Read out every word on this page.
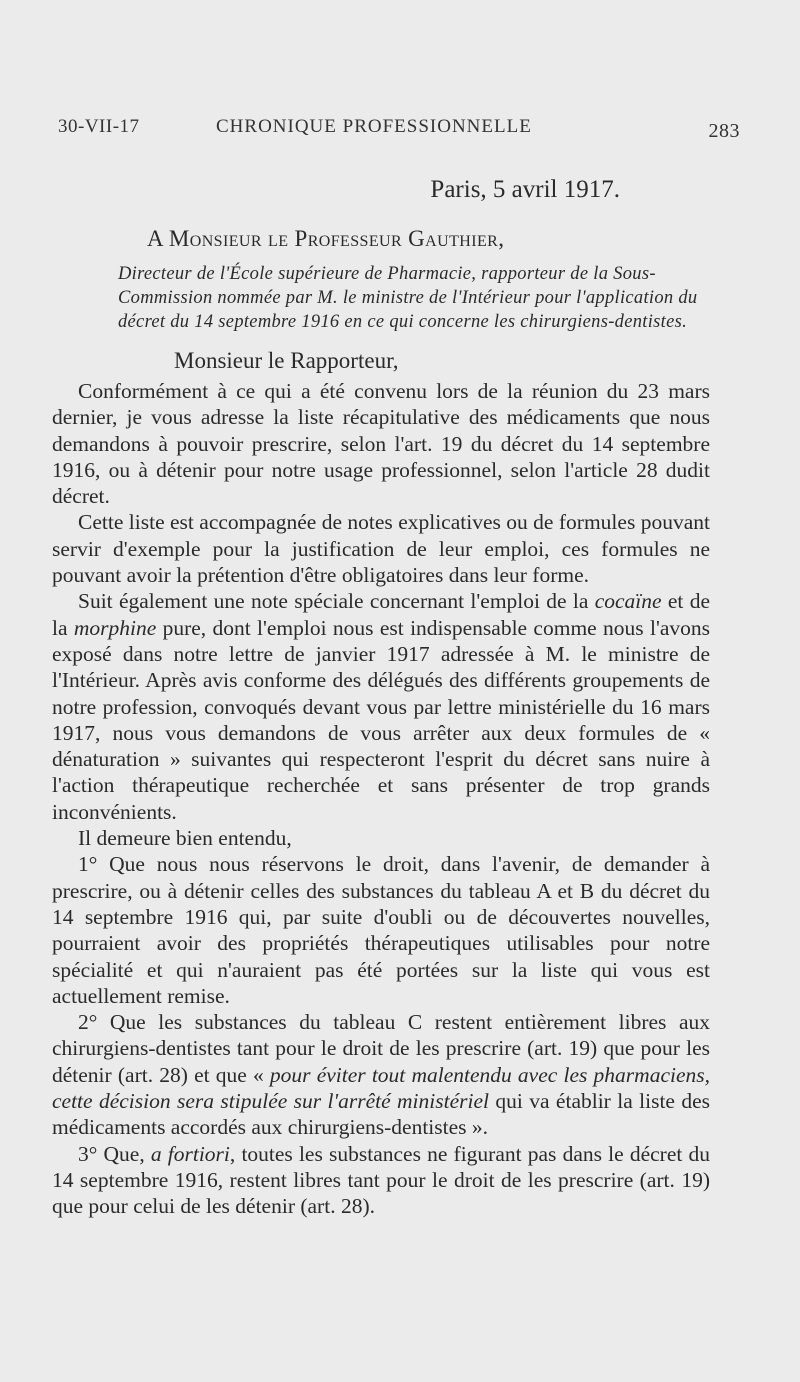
30-VII-17	CHRONIQUE PROFESSIONNELLE	283
Paris, 5 avril 1917.
A Monsieur le Professeur Gauthier,

Directeur de l'École supérieure de Pharmacie, rapporteur de la Sous-Commission nommée par M. le ministre de l'Intérieur pour l'application du décret du 14 septembre 1916 en ce qui concerne les chirurgiens-dentistes.

Monsieur le Rapporteur,

Conformément à ce qui a été convenu lors de la réunion du 23 mars dernier, je vous adresse la liste récapitulative des médicaments que nous demandons à pouvoir prescrire, selon l'art. 19 du décret du 14 septembre 1916, ou à détenir pour notre usage professionnel, selon l'article 28 dudit décret.

Cette liste est accompagnée de notes explicatives ou de formules pouvant servir d'exemple pour la justification de leur emploi, ces formules ne pouvant avoir la prétention d'être obligatoires dans leur forme.

Suit également une note spéciale concernant l'emploi de la cocaïne et de la morphine pure, dont l'emploi nous est indispensable comme nous l'avons exposé dans notre lettre de janvier 1917 adressée à M. le ministre de l'Intérieur. Après avis conforme des délégués des différents groupements de notre profession, convoqués devant vous par lettre ministérielle du 16 mars 1917, nous vous demandons de vous arrêter aux deux formules de « dénaturation » suivantes qui respecteront l'esprit du décret sans nuire à l'action thérapeutique recherchée et sans présenter de trop grands inconvénients.

Il demeure bien entendu,

1° Que nous nous réservons le droit, dans l'avenir, de demander à prescrire, ou à détenir celles des substances du tableau A et B du décret du 14 septembre 1916 qui, par suite d'oubli ou de découvertes nouvelles, pourraient avoir des propriétés thérapeutiques utilisables pour notre spécialité et qui n'auraient pas été portées sur la liste qui vous est actuellement remise.

2° Que les substances du tableau C restent entièrement libres aux chirurgiens-dentistes tant pour le droit de les prescrire (art. 19) que pour les détenir (art. 28) et que « pour éviter tout malentendu avec les pharmaciens, cette décision sera stipulée sur l'arrêté ministériel qui va établir la liste des médicaments accordés aux chirurgiens-dentistes ».

3° Que, a fortiori, toutes les substances ne figurant pas dans le décret du 14 septembre 1916, restent libres tant pour le droit de les prescrire (art. 19) que pour celui de les détenir (art. 28).
